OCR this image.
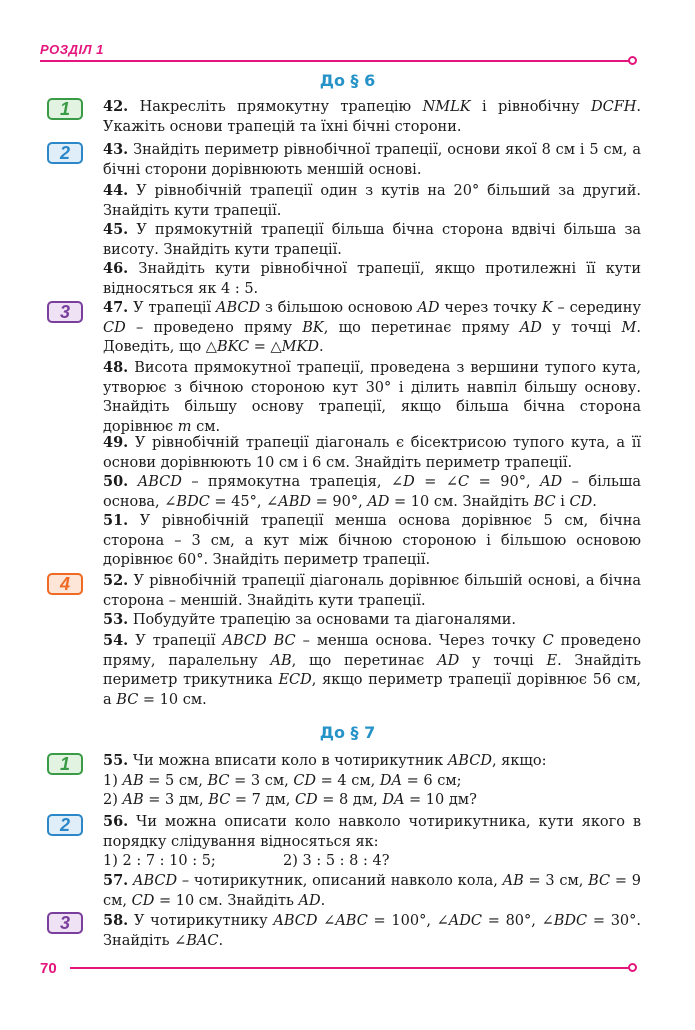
РОЗДІЛ 1
До § 6
1	42. Накресліть прямокутну трапецію NMLK і рівнобічну DCFH. Укажіть основи трапецій та їхні бічні сторони.
2	43. Знайдіть периметр рівнобічної трапеції, основи якої 8 см і 5 см, а бічні сторони дорівнюють меншій основі.
44. У рівнобічній трапеції один з кутів на 20° більший за другий. Знайдіть кути трапеції.
45. У прямокутній трапеції більша бічна сторона вдвічі більша за висоту. Знайдіть кути трапеції.
46. Знайдіть кути рівнобічної трапеції, якщо протилежні її кути відносяться як 4 : 5.
3	47. У трапеції ABCD з більшою основою AD через точку K – середину CD – проведено пряму BK, що перетинає пряму AD у точці M. Доведіть, що △BKC = △MKD.
48. Висота прямокутної трапеції, проведена з вершини тупого кута, утворює з бічною стороною кут 30° і ділить навпіл більшу основу. Знайдіть більшу основу трапеції, якщо більша бічна сторона дорівнює m см.
49. У рівнобічній трапеції діагональ є бісектрисою тупого кута, а її основи дорівнюють 10 см і 6 см. Знайдіть периметр трапеції.
50. ABCD – прямокутна трапеція, ∠D = ∠C = 90°, AD – більша основа, ∠BDC = 45°, ∠ABD = 90°, AD = 10 см. Знайдіть BC і CD.
51. У рівнобічній трапеції менша основа дорівнює 5 см, бічна сторона – 3 см, а кут між бічною стороною і більшою основою дорівнює 60°. Знайдіть периметр трапеції.
4	52. У рівнобічній трапеції діагональ дорівнює більшій основі, а бічна сторона – меншій. Знайдіть кути трапеції.
53. Побудуйте трапецію за основами та діагоналями.
54. У трапеції ABCD BC – менша основа. Через точку C проведено пряму, паралельну AB, що перетинає AD у точці E. Знайдіть периметр трикутника ECD, якщо периметр трапеції дорівнює 56 см, а BC = 10 см.
До § 7
1	55. Чи можна вписати коло в чотирикутник ABCD, якщо:
1) AB = 5 см, BC = 3 см, CD = 4 см, DA = 6 см;
2) AB = 3 дм, BC = 7 дм, CD = 8 дм, DA = 10 дм?
2	56. Чи можна описати коло навколо чотирикутника, кути якого в порядку слідування відносяться як:
1) 2 : 7 : 10 : 5;	2) 3 : 5 : 8 : 4?
57. ABCD – чотирикутник, описаний навколо кола, AB = 3 см, BC = 9 см, CD = 10 см. Знайдіть AD.
3	58. У чотирикутнику ABCD ∠ABC = 100°, ∠ADC = 80°, ∠BDC = 30°. Знайдіть ∠BAC.
70
